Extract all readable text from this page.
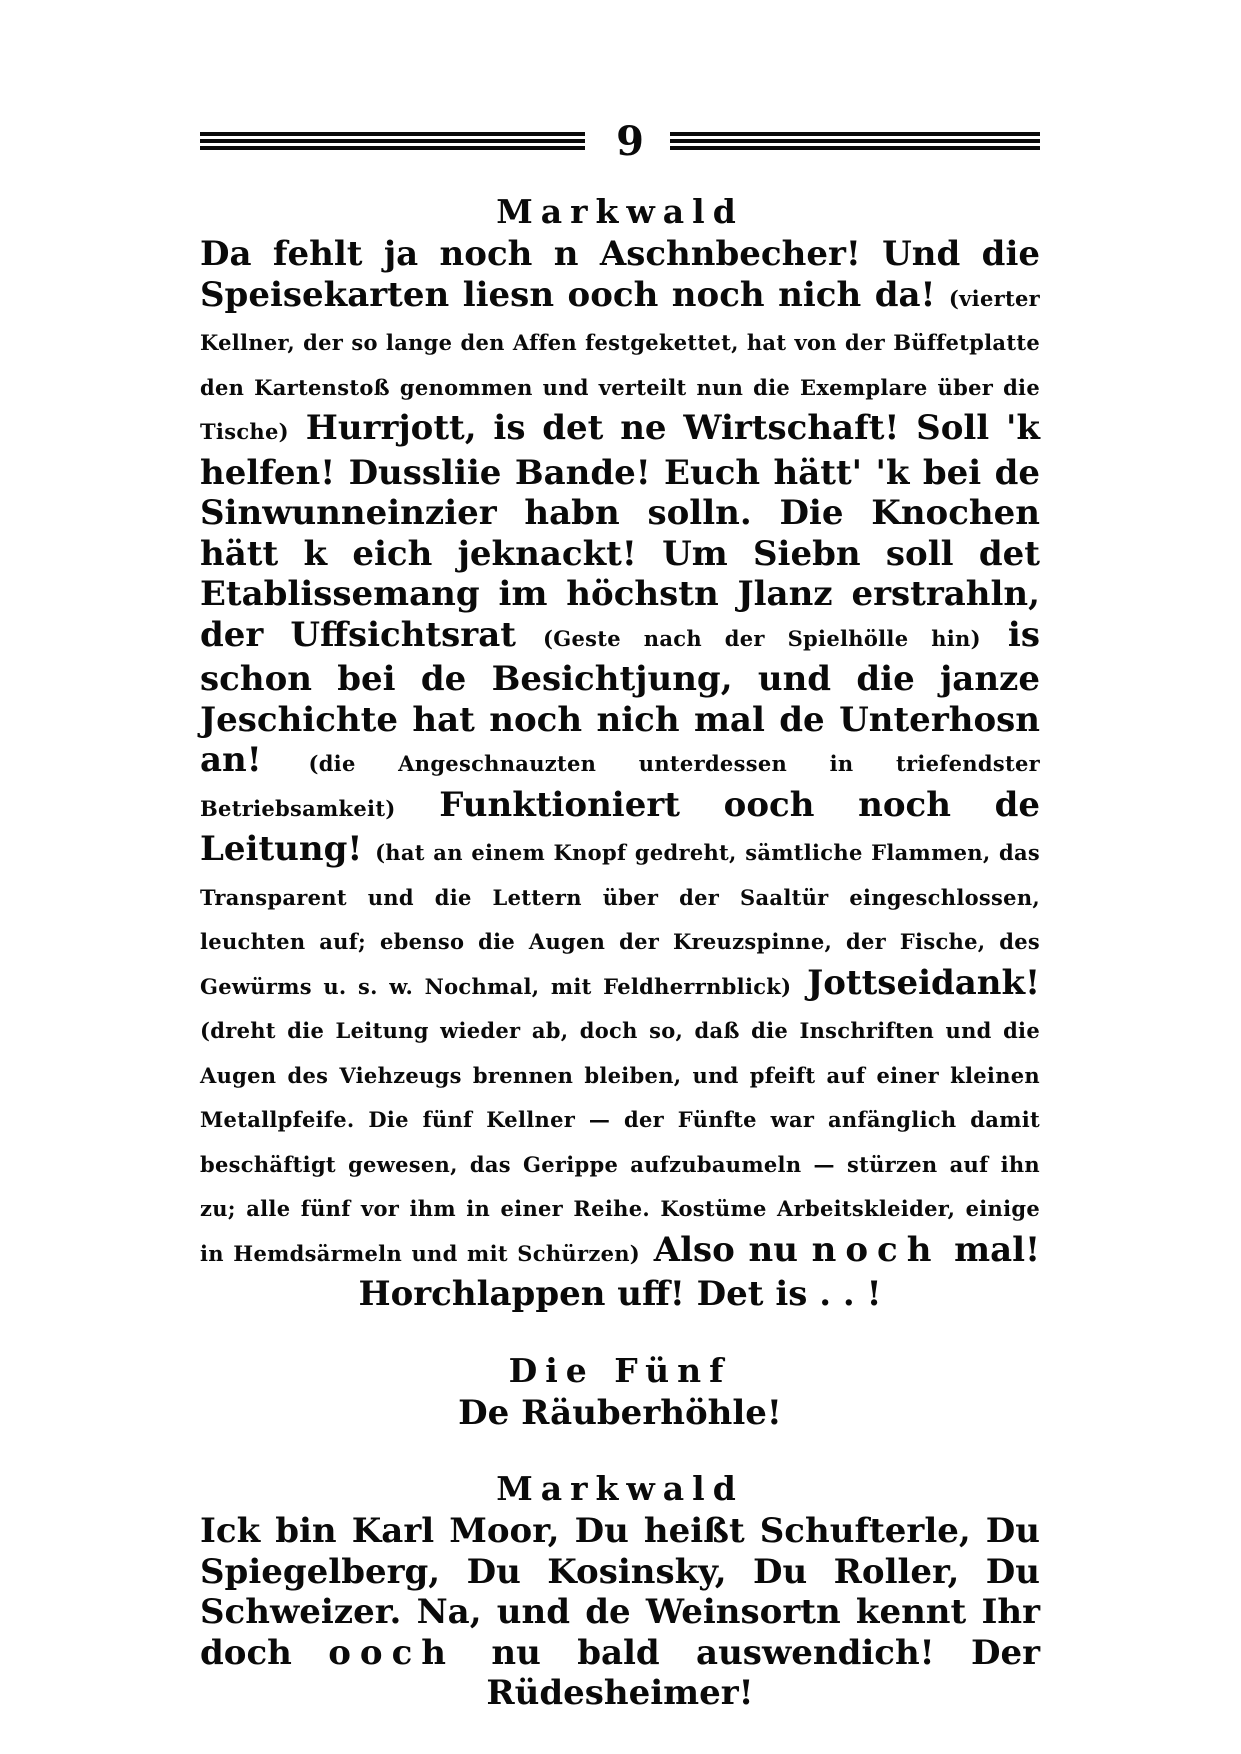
9

Markwald

Da fehlt ja noch n Aschnbecher! Und die Speisekarten liesn ooch noch nich da! (vierter Kellner, der so lange den Affen festgekettet, hat von der Büffetplatte den Kartenstoß genommen und verteilt nun die Exemplare über die Tische) Hurrjott, is det ne Wirtschaft! Soll 'k helfen! Dussliie Bande! Euch hätt' 'k bei de Sinwunneinzier habn solln. Die Knochen hätt k eich jeknackt! Um Siebn soll det Etablissemang im höchstn Jlanz erstrahln, der Uffsichtsrat (Geste nach der Spielhölle hin) is schon bei de Besichtjung, und die janze Jeschichte hat noch nich mal de Unterhosn an! (die Angeschnauzten unterdessen in triefendster Betriebsamkeit) Funktioniert ooch noch de Leitung! (hat an einem Knopf gedreht, sämtliche Flammen, das Transparent und die Lettern über der Saaltür eingeschlossen, leuchten auf; ebenso die Augen der Kreuzspinne, der Fische, des Gewürms u. s. w. Nochmal, mit Feldherrnblick) Jottseidank! (dreht die Leitung wieder ab, doch so, daß die Inschriften und die Augen des Viehzeugs brennen bleiben, und pfeift auf einer kleinen Metallpfeife. Die fünf Kellner — der Fünfte war anfänglich damit beschäftigt gewesen, das Gerippe aufzubaumeln — stürzen auf ihn zu; alle fünf vor ihm in einer Reihe. Kostüme Arbeitskleider, einige in Hemdsärmeln und mit Schürzen) Also nu noch mal! Horchlappen uff! Det is . . !

Die Fünf

De Räuberhöhle!

Markwald

Ick bin Karl Moor, Du heißt Schufterle, Du Spiegelberg, Du Kosinsky, Du Roller, Du Schweizer. Na, und de Weinsortn kennt Ihr doch ooch nu bald auswendich! Der Rüdesheimer!
